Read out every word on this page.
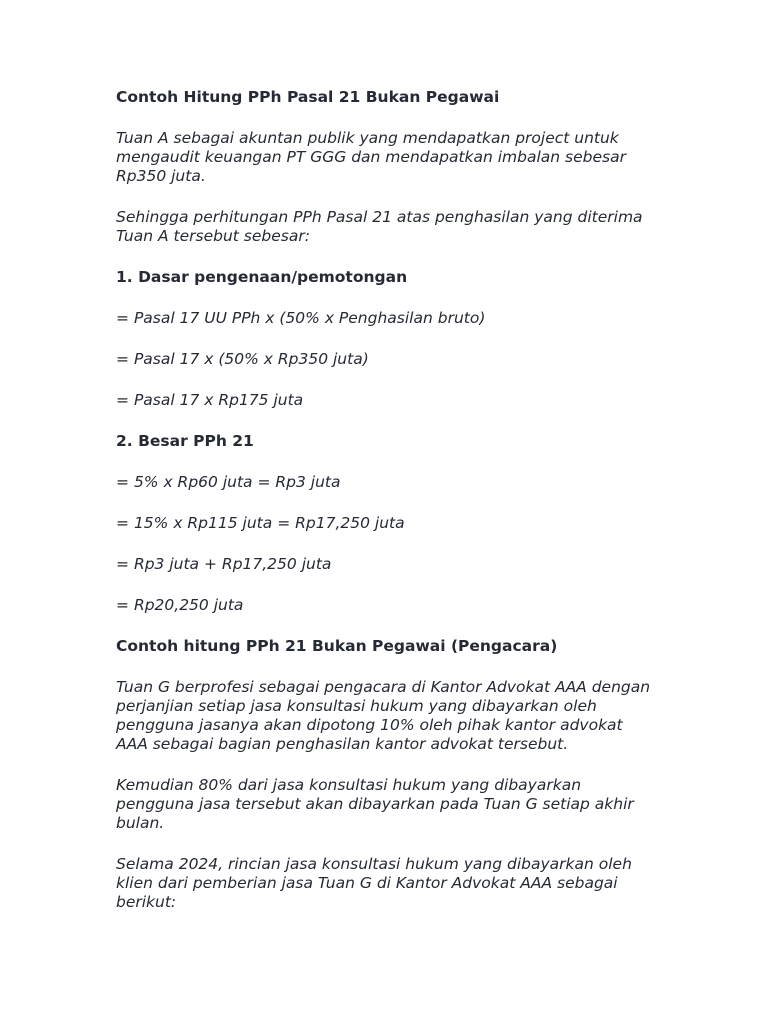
Contoh Hitung PPh Pasal 21 Bukan Pegawai

Tuan A sebagai akuntan publik yang mendapatkan project untuk mengaudit keuangan PT GGG dan mendapatkan imbalan sebesar Rp350 juta.

Sehingga perhitungan PPh Pasal 21 atas penghasilan yang diterima Tuan A tersebut sebesar:

1. Dasar pengenaan/pemotongan

= Pasal 17 UU PPh x (50% x Penghasilan bruto)

= Pasal 17 x (50% x Rp350 juta)

= Pasal 17 x Rp175 juta

2. Besar PPh 21

= 5% x Rp60 juta = Rp3 juta

= 15% x Rp115 juta = Rp17,250 juta

= Rp3 juta + Rp17,250 juta

= Rp20,250 juta

Contoh hitung PPh 21 Bukan Pegawai (Pengacara)

Tuan G berprofesi sebagai pengacara di Kantor Advokat AAA dengan perjanjian setiap jasa konsultasi hukum yang dibayarkan oleh pengguna jasanya akan dipotong 10% oleh pihak kantor advokat AAA sebagai bagian penghasilan kantor advokat tersebut.

Kemudian 80% dari jasa konsultasi hukum yang dibayarkan pengguna jasa tersebut akan dibayarkan pada Tuan G setiap akhir bulan.

Selama 2024, rincian jasa konsultasi hukum yang dibayarkan oleh klien dari pemberian jasa Tuan G di Kantor Advokat AAA sebagai berikut:
